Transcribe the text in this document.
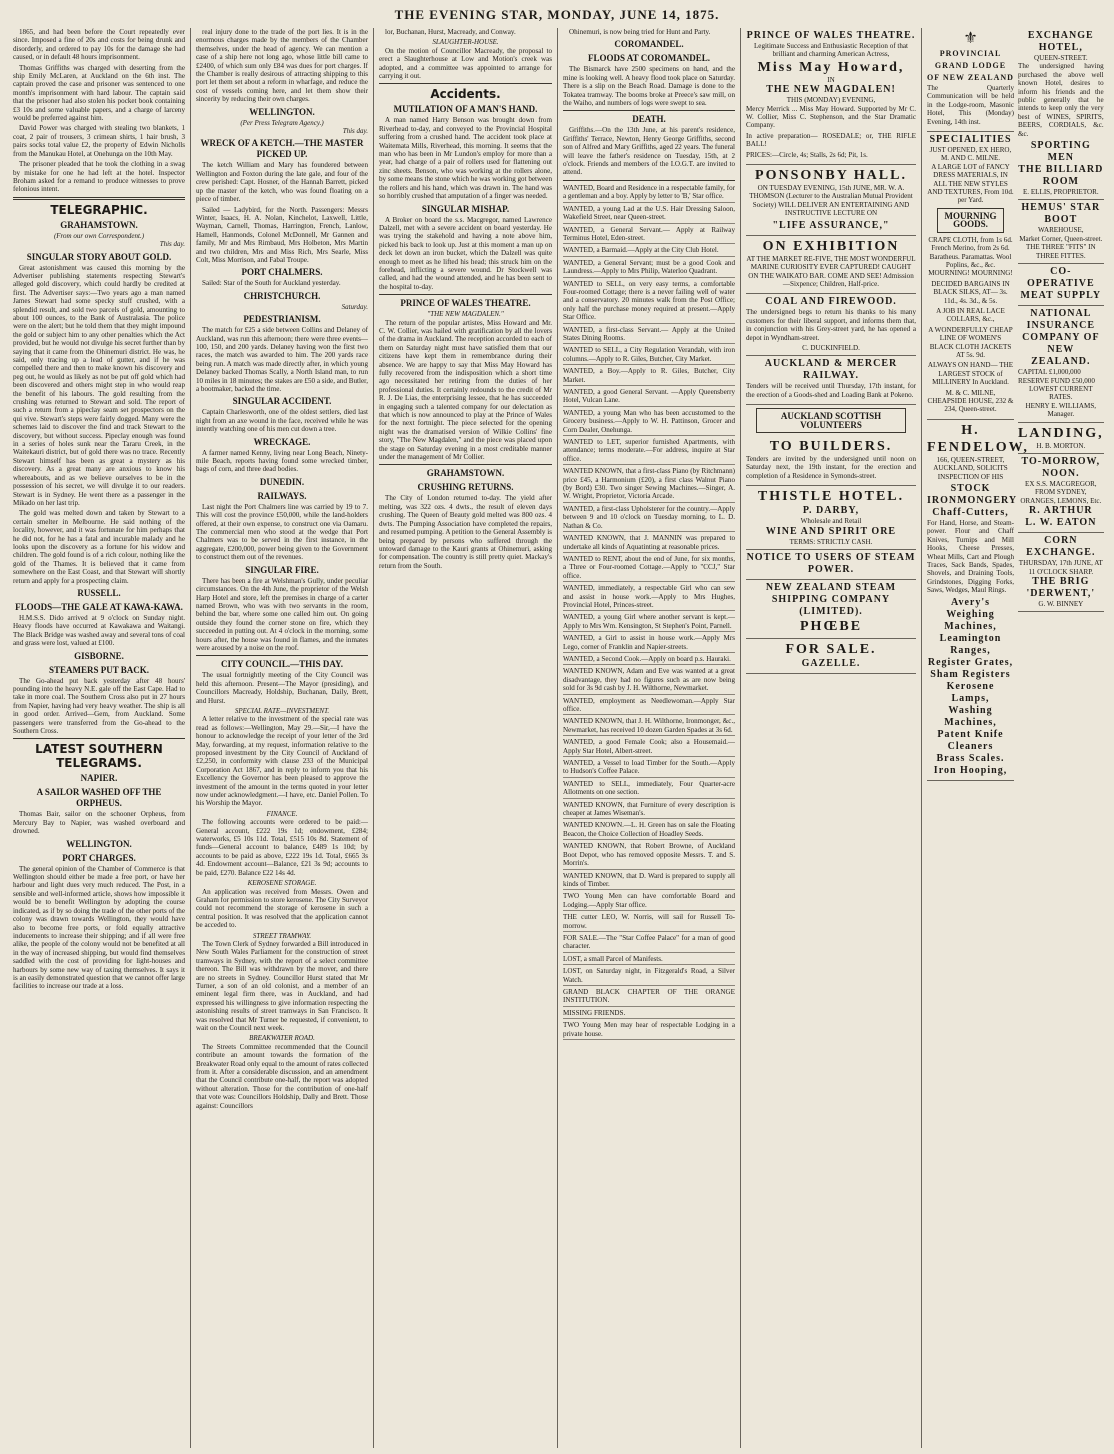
THE EVENING STAR, MONDAY, JUNE 14, 1875.

1865, and had been before the Court repeatedly ever since. Imposed a fine of 20s and costs for being drunk and disorderly, and ordered to pay 10s for the damage she had caused, or in default 48 hours imprisonment.

Thomas Griffiths was charged with deserting from the ship Emily McLaren, at Auckland on the 6th inst. The captain proved the case and prisoner was sentenced to one month's imprisonment with hard labour. The captain said that the prisoner had also stolen his pocket book containing £3 10s and some valuable papers, and a charge of larceny would be preferred against him.

David Power was charged with stealing two blankets, 1 coat, 2 pair of trousers, 3 crimean shirts, 1 hair brush, 3 pairs socks total value £2, the property of Edwin Nicholls from the Manukau Hotel, at Onehunga on the 10th May.

The prisoner pleaded that he took the clothing in a swag by mistake for one he had left at the hotel. Inspector Broham asked for a remand to produce witnesses to prove felonious intent.

TELEGRAPHIC.
GRAHAMSTOWN.
(From our own Correspondent.)
This day.
SINGULAR STORY ABOUT GOLD.

Great astonishment was caused this morning by the Advertiser publishing statements respecting Stewart's alleged gold discovery, which could hardly be credited at first. The Advertiser says:—Two years ago a man named James Stewart had some specky stuff crushed, with a splendid result, and sold two parcels of gold, amounting to about 100 ounces, to the Bank of Australasia. The police were on the alert; but he told them that they might impound the gold or subject him to any other penalties which the Act provided, but he would not divulge his secret further than by saying that it came from the Ohinemuri district. He was, he said, only tracing up a lead of gutter, and if he was compelled there and then to make known his discovery and peg out, he would as likely as not be put off gold which had been discovered and others might step in who would reap the benefit of his labours. The gold resulting from the crushing was returned to Stewart and sold. The report of such a return from a pipeclay seam set prospectors on the qui vive. Stewart's steps were fairly dogged. Many were the schemes laid to discover the find and track Stewart to the discovery, but without success. Pipeclay enough was found in a series of holes sunk near the Tararu Creek, in the Waitekauri district, but of gold there was no trace. Recently Stewart himself has been as great a mystery as his discovery. As a great many are anxious to know his whereabouts, and as we believe ourselves to be in the possession of his secret, we will divulge it to our readers. Stewart is in Sydney. He went there as a passenger in the Mikado on her last trip.

The gold was melted down and taken by Stewart to a certain smelter in Melbourne. He said nothing of the locality, however, and it was fortunate for him perhaps that he did not, for he has a fatal and incurable malady and he looks upon the discovery as a fortune for his widow and children. The gold found is of a rich colour, nothing like the gold of the Thames. It is believed that it came from somewhere on the East Coast, and that Stewart will shortly return and apply for a prospecting claim.

RUSSELL.
FLOODS—THE GALE AT KAWA-KAWA.

H.M.S.S. Dido arrived at 9 o'clock on Sunday night. Heavy floods have occurred at Kawakawa and Waitangi. The Black Bridge was washed away and several tons of coal and grass were lost, valued at £100.

GISBORNE.
STEAMERS PUT BACK.

The Go-ahead put back yesterday after 48 hours' pounding into the heavy N.E. gale off the East Cape. Had to take in more coal. The Southern Cross also put in 27 hours from Napier, having had very heavy weather. The ship is all in good order. Arrived—Gem, from Auckland. Some passengers were transferred from the Go-ahead to the Southern Cross.

LATEST SOUTHERN TELEGRAMS.
NAPIER.
A SAILOR WASHED OFF THE ORPHEUS.

Thomas Bair, sailor on the schooner Orpheus, from Mercury Bay to Napier, was washed overboard and drowned.

WELLINGTON.
PORT CHARGES.

The general opinion of the Chamber of Commerce is that Wellington should either be made a free port, or have her harbour and light dues very much reduced. The Post, in a sensible and well-informed article, shows how impossible it would be to benefit Wellington by adopting the course indicated, as if by so doing the trade of the other ports of the colony was drawn towards Wellington, they would have also to become free ports, or fold equally attractive inducements to increase their shipping; and if all were free alike, the people of the colony would not be benefited at all in the way of increased shipping, but would find themselves saddled with the cost of providing for light-houses and harbours by some new way of taxing themselves. It says it is an easily demonstrated question that we cannot offer large facilities to increase our trade at a loss.

real injury done to the trade of the port lies. It is in the enormous charges made by the members of the Chamber themselves, under the head of agency. We can mention a case of a ship here not long ago, whose little bill came to £2400, of which sum only £84 was dues for port charges. If the Chamber is really desirous of attracting shipping to this port let them set about a reform in wharfage, and reduce the cost of vessels coming here, and let them show their sincerity by reducing their own charges.

WELLINGTON.
(Per Press Telegram Agency.)
This day.
WRECK OF A KETCH.—THE MASTER PICKED UP.

The ketch William and Mary has foundered between Wellington and Foxton during the late gale, and four of the crew perished: Capt. Hosner, of the Hannah Barrett, picked up the master of the ketch, who was found floating on a piece of timber.

Sailed — Ladybird, for the North. Passengers: Messrs Winter, Isaacs, H. A. Nolan, Kinchelot, Laxwell, Little, Wayman, Carnell, Thomas, Harrington, French, Lanlow, Hamell, Hanmonds, Colonel McDonnell, Mr Gannen and family, Mr and Mrs Rimbaud, Mrs Holbeton, Mrs Martin and two children, Mrs and Miss Rich, Mrs Searle, Miss Colt, Miss Morrison, and Fabal Troupe.

PORT CHALMERS.

Sailed: Star of the South for Auckland yesterday.

CHRISTCHURCH.
Saturday.
PEDESTRIANISM.

The match for £25 a side between Collins and Delaney of Auckland, was run this afternoon; there were three events—100, 150, and 200 yards. Delaney having won the first two races, the match was awarded to him. The 200 yards race being run. A match was made directly after, in which young Delaney backed Thomas Scally, a North Island man, to run 10 miles in 18 minutes; the stakes are £50 a side, and Butler, a bootmaker, backed the time.

SINGULAR ACCIDENT.

Captain Charlesworth, one of the oldest settlers, died last night from an axe wound in the face, received while he was intently watching one of his men cut down a tree.

WRECKAGE.

A farmer named Kenny, living near Long Beach, Ninety-mile Beach, reports having found some wrecked timber, bags of corn, and three dead bodies.

DUNEDIN.
RAILWAYS.

Last night the Port Chalmers line was carried by 19 to 7. This will cost the province £50,000, while the land-holders offered, at their own expense, to construct one via Oamaru. The commercial men who stood at the wedge that Port Chalmers was to be served in the first instance, in the aggregate, £200,000, power being given to the Government to construct them out of the revenues.

SINGULAR FIRE.

There has been a fire at Welshman's Gully, under peculiar circumstances. On the 4th June, the proprietor of the Welsh Harp Hotel and store, left the premises in charge of a carter named Brown, who was with two servants in the room, behind the bar, where some one called him out. On going outside they found the corner stone on fire, which they succeeded in putting out. At 4 o'clock in the morning, some hours after, the house was found in flames, and the inmates were aroused by a noise on the roof.

CITY COUNCIL.—THIS DAY.

The usual fortnightly meeting of the City Council was held this afternoon. Present—The Mayor (presiding), and Councillors Macready, Holdship, Buchanan, Daily, Brett, and Hurst.

SPECIAL RATE—INVESTMENT.

A letter relative to the investment of the special rate was read as follows:—Wellington, May 29.—Sir,—I have the honour to acknowledge the receipt of your letter of the 3rd May, forwarding, at my request, information relative to the proposed investment by the City Council of Auckland of £2,250, in conformity with clause 233 of the Municipal Corporation Act 1867, and in reply to inform you that his Excellency the Governor has been pleased to approve the investment of the amount in the terms quoted in your letter now under acknowledgment.—I have, etc. Daniel Pollen. To his Worship the Mayor.

FINANCE.

The following accounts were ordered to be paid:—General account, £222 19s 1d; endowment, £284; waterworks, £5 10s 11d. Total, £515 10s 8d. Statement of funds—General account to balance, £489 1s 10d; by accounts to be paid as above, £222 19s 1d. Total, £665 3s 4d. Endowment account—Balance, £21 3s 9d; accounts to be paid, £270. Balance £22 14s 4d.

KEROSENE STORAGE.

An application was received from Messrs. Owen and Graham for permission to store kerosene. The City Surveyor could not recommend the storage of kerosene in such a central position. It was resolved that the application cannot be acceded to.

STREET TRAMWAY.

The Town Clerk of Sydney forwarded a Bill introduced in New South Wales Parliament for the construction of street tramways in Sydney, with the report of a select committee thereon. The Bill was withdrawn by the mover, and there are no streets in Sydney. Councillor Hurst stated that Mr Turner, a son of an old colonist, and a member of an eminent legal firm there, was in Auckland, and had expressed his willingness to give information respecting the astonishing results of street tramways in San Francisco. It was resolved that Mr Turner be requested, if convenient, to wait on the Council next week.

BREAKWATER ROAD.

The Streets Committee recommended that the Council contribute an amount towards the formation of the Breakwater Road only equal to the amount of rates collected from it. After a considerable discussion, and an amendment that the Council contribute one-half, the report was adopted without alteration. Those for the contribution of one-half that vote was: Councillors Holdship, Dally and Brett. Those against: Councillors

lor, Buchanan, Hurst, Macready, and Conway.

SLAUGHTER-HOUSE.

On the motion of Councillor Macready, the proposal to erect a Slaughterhouse at Low and Motion's creek was adopted, and a committee was appointed to arrange for carrying it out.

Accidents.
MUTILATION OF A MAN'S HAND.

A man named Harry Benson was brought down from Riverhead to-day, and conveyed to the Provincial Hospital suffering from a crushed hand. The accident took place at Waitemata Mills, Riverhead, this morning. It seems that the man who has been in Mr Lundon's employ for more than a year, had charge of a pair of rollers used for flattening out zinc sheets. Benson, who was working at the rollers alone, by some means the stone which he was working got between the rollers and his hand, which was drawn in. The hand was so horribly crushed that amputation of a finger was needed.

SINGULAR MISHAP.

A Broker on board the s.s. Macgregor, named Lawrence Dalzell, met with a severe accident on board yesterday. He was trying the stakehold and having a note above him, picked his back to look up. Just at this moment a man up on deck let down an iron bucket, which the Dalzell was quite enough to meet as he lifted his head; this struck him on the forehead, inflicting a severe wound. Dr Stockwell was called, and had the wound attended, and he has been sent to the hospital to-day.

PRINCE OF WALES THEATRE.
"THE NEW MAGDALEN."

The return of the popular artistes, Miss Howard and Mr. C. W. Collier, was hailed with gratification by all the lovers of the drama in Auckland. The reception accorded to each of them on Saturday night must have satisfied them that our citizens have kept them in remembrance during their absence. We are happy to say that Miss May Howard has fully recovered from the indisposition which a short time ago necessitated her retiring from the duties of her professional duties. It certainly redounds to the credit of Mr R. J. De Lias, the enterprising lessee, that he has succeeded in engaging such a talented company for our delectation as that which is now announced to play at the Prince of Wales for the next fortnight. The piece selected for the opening night was the dramatised version of Wilkie Collins' fine story, "The New Magdalen," and the piece was placed upon the stage on Saturday evening in a most creditable manner under the management of Mr Collier.

GRAHAMSTOWN.
CRUSHING RETURNS.

The City of London returned to-day. The yield after melting, was 322 ozs. 4 dwts., the result of eleven days crushing. The Queen of Beauty gold melted was 800 ozs. 4 dwts. The Pumping Association have completed the repairs, and resumed pumping. A petition to the General Assembly is being prepared by persons who suffered through the untoward damage to the Kauri grants at Ohinemuri, asking for compensation. The country is still pretty quiet. Mackay's return from the South.

Ohinemuri, is now being tried for Hunt and Party.

COROMANDEL.
FLOODS AT COROMANDEL.

The Bismarck have 2500 specimens on hand, and the mine is looking well. A heavy flood took place on Saturday. There is a slip on the Beach Road. Damage is done to the Tokatea tramway. The booms broke at Preece's saw mill, on the Waiho, and numbers of logs were swept to sea.

DEATH.

Griffiths.—On the 13th June, at his parent's residence, Griffiths' Terrace, Newton, Henry George Griffiths, second son of Alfred and Mary Griffiths, aged 22 years. The funeral will leave the father's residence on Tuesday, 15th, at 2 o'clock. Friends and members of the I.O.G.T. are invited to attend.

WANTED, Board and Residence in a respectable family, for a gentleman and a boy. Apply by letter to 'B,' Star office.

WANTED, a young Lad at the U.S. Hair Dressing Saloon, Wakefield Street, near Queen-street.

WANTED, a General Servant.— Apply at Railway Terminus Hotel, Eden-street.

WANTED, a Barmaid.—Apply at the City Club Hotel.

WANTED, a General Servant; must be a good Cook and Laundress.—Apply to Mrs Philip, Waterloo Quadrant.

WANTED to SELL, on very easy terms, a comfortable Four-roomed Cottage; there is a never failing well of water and a conservatory. 20 minutes walk from the Post Office; only half the purchase money required at present.—Apply Star Office.

WANTED, a first-class Servant.— Apply at the United States Dining Rooms.

WANTED to SELL, a City Regulation Verandah, with iron columns.—Apply to R. Giles, Butcher, City Market.

WANTED, a Boy.—Apply to R. Giles, Butcher, City Market.

WANTED, a good General Servant. —Apply Queensberry Hotel, Vulcan Lane.

WANTED, a young Man who has been accustomed to the Grocery business.—Apply to W. H. Pattinson, Grocer and Corn Dealer, Onehunga.

WANTED to LET, superior furnished Apartments, with attendance; terms moderate.—For address, inquire at Star office.

WANTED KNOWN, that a first-class Piano (by Ritchmann) price £45, a Harmonium (£20), a first class Walnut Piano (by Bord) £30. Two singer Sewing Machines.—Singer, A. W. Wright, Proprietor, Victoria Arcade.

WANTED, a first-class Upholsterer for the country.—Apply between 9 and 10 o'clock on Tuesday morning, to L. D. Nathan & Co.

WANTED KNOWN, that J. MANNIN was prepared to undertake all kinds of Aquatinting at reasonable prices.

WANTED to RENT, about the end of June, for six months, a Three or Four-roomed Cottage.—Apply to "CCJ," Star office.

WANTED, immediately, a respectable Girl who can sew and assist in house work.—Apply to Mrs Hughes, Provincial Hotel, Princes-street.

WANTED, a young Girl where another servant is kept.—Apply to Mrs Wm. Kensington, St Stephen's Point, Parnell.

WANTED, a Girl to assist in house work.—Apply Mrs Lego, corner of Franklin and Napier-streets.

WANTED, a Second Cook.—Apply on board p.s. Hauraki.

WANTED KNOWN, Adam and Eve was wanted at a great disadvantage, they had no figures such as are now being sold for 3s 9d cash by J. H. Wilthorne, Newmarket.

WANTED, employment as Needlewoman.—Apply Star office.

WANTED KNOWN, that J. H. Wilthorne, Ironmonger, &c., Newmarket, has received 10 dozen Garden Spades at 3s 6d.

WANTED, a good Female Cook; also a Housemaid.—Apply Star Hotel, Albert-street.

WANTED, a Vessel to load Timber for the South.—Apply to Hudson's Coffee Palace.

WANTED to SELL, immediately, Four Quarter-acre Allotments on one section.

WANTED KNOWN, that Furniture of every description is cheaper at James Wiseman's.

WANTED KNOWN.—L. H. Green has on sale the Floating Beacon, the Choice Collection of Hoadley Seeds.

WANTED KNOWN, that Robert Browne, of Auckland Boot Depot, who has removed opposite Messrs. T. and S. Morrin's.

WANTED KNOWN, that D. Ward is prepared to supply all kinds of Timber.

TWO Young Men can have comfortable Board and Lodging.—Apply Star office.

THE cutter LEO, W. Norris, will sail for Russell To-morrow.

FOR SALE.—The "Star Coffee Palace" for a man of good character.

LOST, a small Parcel of Manifests.

LOST, on Saturday night, in Fitzgerald's Road, a Silver Watch.

GRAND BLACK CHAPTER OF THE ORANGE INSTITUTION.

MISSING FRIENDS.

TWO Young Men may hear of respectable Lodging in a private house.

PRINCE OF WALES THEATRE.
Legitimate Success and Enthusiastic Reception of that brilliant and charming American Actress,
Miss May Howard,
IN
THE NEW MAGDALEN!
THIS (MONDAY) EVENING,

Mercy Merrick ... Miss May Howard. Supported by Mr C. W. Collier, Miss C. Stephenson, and the Star Dramatic Company.

In active preparation— ROSEDALE; or, THE RIFLE BALL!

PRICES:—Circle, 4s; Stalls, 2s 6d; Pit, 1s.

PONSONBY HALL.

ON TUESDAY EVENING, 15th JUNE, MR. W. A. THOMSON (Lecturer to the Australian Mutual Provident Society) WILL DELIVER AN ENTERTAINING AND INSTRUCTIVE LECTURE ON

"LIFE ASSURANCE,"
ON EXHIBITION

AT THE MARKET RE-FIVE, THE MOST WONDERFUL MARINE CURIOSITY EVER CAPTURED! CAUGHT ON THE WAIKATO BAR. COME AND SEE! Admission—Sixpence; Children, Half-price.

COAL AND FIREWOOD.

The undersigned begs to return his thanks to his many customers for their liberal support, and informs them that, in conjunction with his Grey-street yard, he has opened a depot in Wyndham-street.

C. DUCKINFIELD.
AUCKLAND & MERCER RAILWAY.

Tenders will be received until Thursday, 17th instant, for the erection of a Goods-shed and Loading Bank at Pokeno.

AUCKLAND SCOTTISH VOLUNTEERS
TO BUILDERS.

Tenders are invited by the undersigned until noon on Saturday next, the 19th instant, for the erection and completion of a Residence in Symonds-street.

THISTLE HOTEL.
P. DARBY,
Wholesale and Retail
WINE AND SPIRIT ORE
TERMS: STRICTLY CASH.
NOTICE TO USERS OF STEAM POWER.
NEW ZEALAND STEAM SHIPPING COMPANY (LIMITED).
PHŒBE
FOR SALE.
GAZELLE.
⚜
PROVINCIAL GRAND LODGE OF NEW ZEALAND

The Quarterly Communication will be held in the Lodge-room, Masonic Hotel, This (Monday) Evening, 14th inst.

SPECIALITIES
JUST OPENED, EX HERO,
M. AND C. MILNE.

A LARGE LOT of FANCY DRESS MATERIALS, IN ALL THE NEW STYLES AND TEXTURES, From 10d. per Yard.

MOURNING GOODS.

CRAPE CLOTH, from 1s 6d. French Merino, from 2s 6d. Baratheus. Paramattas. Wool Poplins, &c., &c. MOURNING! MOURNING!

DECIDED BARGAINS IN BLACK SILKS, AT— 3s. 11d., 4s. 3d., & 5s.

A JOB IN REAL LACE COLLARS, &c.,

A WONDERFULLY CHEAP LINE OF WOMEN'S BLACK CLOTH JACKETS AT 5s. 9d.

ALWAYS ON HAND— THE LARGEST STOCK of MILLINERY In Auckland.

M. & C. MILNE, CHEAPSIDE HOUSE, 232 & 234, Queen-street.

H. FENDELOW,

166, QUEEN-STREET, AUCKLAND, SOLICITS INSPECTION OF HIS

STOCK
IRONMONGERY
Chaff-Cutters,

For Hand, Horse, and Steam-power. Flour and Chaff Knives, Turnips and Mill Hooks, Cheese Presses, Wheat Mills, Cart and Plough Traces, Sack Bands, Spades, Shovels, and Draining Tools, Grindstones, Digging Forks, Saws, Wedges, Maul Rings.

Avery's Weighing Machines,
Leamington Ranges,
Register Grates, Sham Registers
Kerosene Lamps,
Washing Machines, Patent Knife Cleaners
Brass Scales.
Iron Hooping,
EXCHANGE HOTEL,
QUEEN-STREET.

The undersigned having purchased the above well known Hotel, desires to inform his friends and the public generally that he intends to keep only the very best of WINES, SPIRITS, BEERS, CORDIALS, &c. &c.

SPORTING MEN
THE BILLIARD ROOM
E. ELLIS, PROPRIETOR.
HEMUS' STAR BOOT
WAREHOUSE,
Market Corner, Queen-street.
THE THREE "FITS" IN THREE FITTES.
CO-OPERATIVE MEAT SUPPLY
NATIONAL INSURANCE COMPANY OF NEW ZEALAND.
CAPITAL £1,000,000
RESERVE FUND £50,000
LOWEST CURRENT RATES.
HENRY E. WILLIAMS, Manager.
LANDING,
H. B. MORTON.
TO-MORROW, NOON.
EX S.S. MACGREGOR, FROM SYDNEY,
ORANGES, LEMONS, Etc.
R. ARTHUR
L. W. EATON
CORN EXCHANGE.
THURSDAY, 17th JUNE, AT 11 O'CLOCK SHARP.
THE BRIG 'DERWENT,'
G. W. BINNEY
